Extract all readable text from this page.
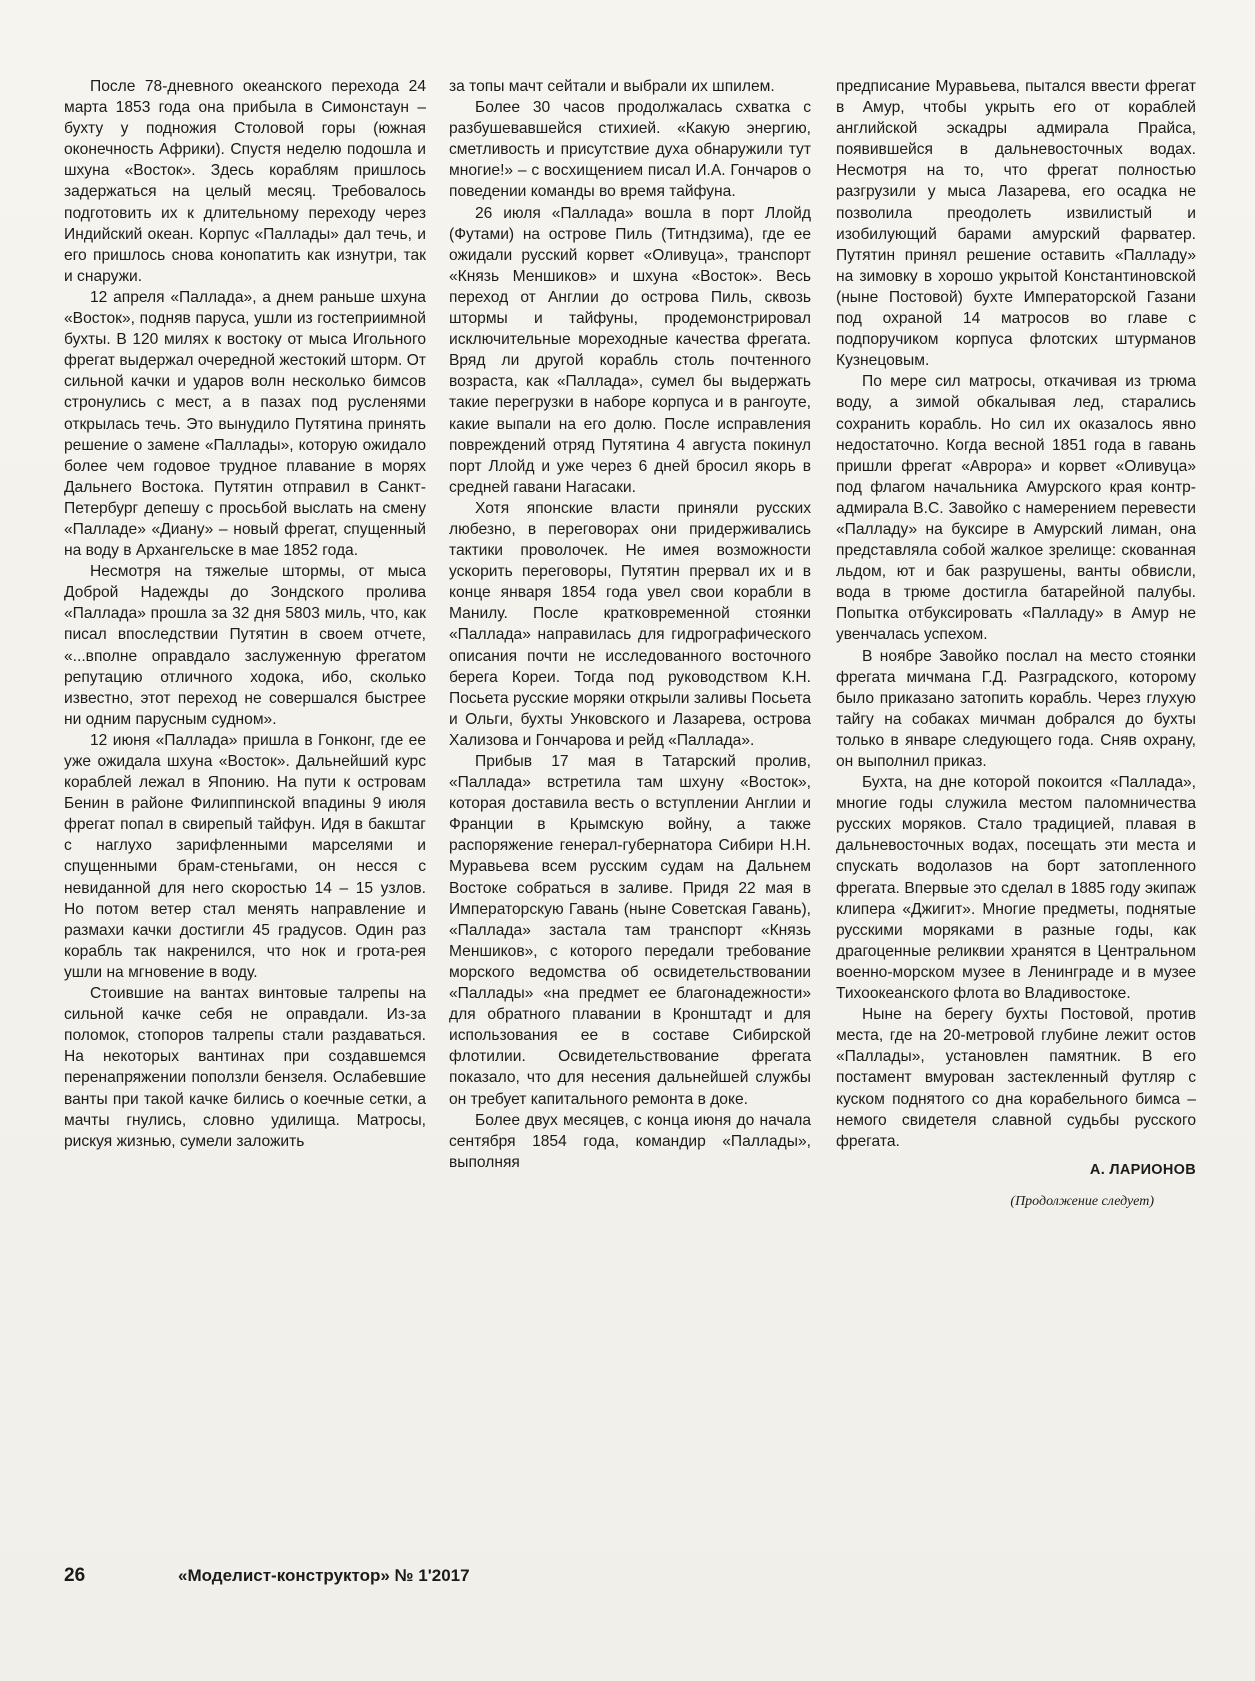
После 78-дневного океанского перехода 24 марта 1853 года она прибыла в Симонстаун – бухту у подножия Столовой горы (южная оконечность Африки). Спустя неделю подошла и шхуна «Восток». Здесь кораблям пришлось задержаться на целый месяц. Требовалось подготовить их к длительному переходу через Индийский океан. Корпус «Паллады» дал течь, и его пришлось снова конопатить как изнутри, так и снаружи.

12 апреля «Паллада», а днем раньше шхуна «Восток», подняв паруса, ушли из гостеприимной бухты. В 120 милях к востоку от мыса Игольного фрегат выдержал очередной жестокий шторм. От сильной качки и ударов волн несколько бимсов стронулись с мест, а в пазах под русленями открылась течь. Это вынудило Путятина принять решение о замене «Паллады», которую ожидало более чем годовое трудное плавание в морях Дальнего Востока. Путятин отправил в Санкт-Петербург депешу с просьбой выслать на смену «Палладе» «Диану» – новый фрегат, спущенный на воду в Архангельске в мае 1852 года.

Несмотря на тяжелые штормы, от мыса Доброй Надежды до Зондского пролива «Паллада» прошла за 32 дня 5803 миль, что, как писал впоследствии Путятин в своем отчете, «...вполне оправдало заслуженную фрегатом репутацию отличного ходока, ибо, сколько известно, этот переход не совершался быстрее ни одним парусным судном».

12 июня «Паллада» пришла в Гонконг, где ее уже ожидала шхуна «Восток». Дальнейший курс кораблей лежал в Японию. На пути к островам Бенин в районе Филиппинской впадины 9 июля фрегат попал в свирепый тайфун. Идя в бакштаг с наглухо зарифленными марселями и спущенными брам-стеньгами, он несся с невиданной для него скоростью 14 – 15 узлов. Но потом ветер стал менять направление и размахи качки достигли 45 градусов. Один раз корабль так накренился, что нок и грота-рея ушли на мгновение в воду.

Стоившие на вантах винтовые талрепы на сильной качке себя не оправдали. Из-за поломок, стопоров талрепы стали раздаваться. На некоторых вантинах при создавшемся перенапряжении поползли бензеля. Ослабевшие ванты при такой качке бились о коечные сетки, а мачты гнулись, словно удилища. Матросы, рискуя жизнью, сумели заложить

за топы мачт сейтали и выбрали их шпилем.

Более 30 часов продолжалась схватка с разбушевавшейся стихией. «Какую энергию, сметливость и присутствие духа обнаружили тут многие!» – с восхищением писал И.А. Гончаров о поведении команды во время тайфуна.

26 июля «Паллада» вошла в порт Ллойд (Футами) на острове Пиль (Титндзима), где ее ожидали русский корвет «Оливуца», транспорт «Князь Меншиков» и шхуна «Восток». Весь переход от Англии до острова Пиль, сквозь штормы и тайфуны, продемонстрировал исключительные мореходные качества фрегата. Вряд ли другой корабль столь почтенного возраста, как «Паллада», сумел бы выдержать такие перегрузки в наборе корпуса и в рангоуте, какие выпали на его долю. После исправления повреждений отряд Путятина 4 августа покинул порт Ллойд и уже через 6 дней бросил якорь в средней гавани Нагасаки.

Хотя японские власти приняли русских любезно, в переговорах они придерживались тактики проволочек. Не имея возможности ускорить переговоры, Путятин прервал их и в конце января 1854 года увел свои корабли в Манилу. После кратковременной стоянки «Паллада» направилась для гидрографического описания почти не исследованного восточного берега Кореи. Тогда под руководством К.Н. Посьета русские моряки открыли заливы Посьета и Ольги, бухты Унковского и Лазарева, острова Хализова и Гончарова и рейд «Паллада».

Прибыв 17 мая в Татарский пролив, «Паллада» встретила там шхуну «Восток», которая доставила весть о вступлении Англии и Франции в Крымскую войну, а также распоряжение генерал-губернатора Сибири Н.Н. Муравьева всем русским судам на Дальнем Востоке собраться в заливе. Придя 22 мая в Императорскую Гавань (ныне Советская Гавань), «Паллада» застала там транспорт «Князь Меншиков», с которого передали требование морского ведомства об освидетельствовании «Паллады» «на предмет ее благонадежности» для обратного плавании в Кронштадт и для использования ее в составе Сибирской флотилии. Освидетельствование фрегата показало, что для несения дальнейшей службы он требует капитального ремонта в доке.

Более двух месяцев, с конца июня до начала сентября 1854 года, командир «Паллады», выполняя

предписание Муравьева, пытался ввести фрегат в Амур, чтобы укрыть его от кораблей английской эскадры адмирала Прайса, появившейся в дальневосточных водах. Несмотря на то, что фрегат полностью разгрузили у мыса Лазарева, его осадка не позволила преодолеть извилистый и изобилующий барами амурский фарватер. Путятин принял решение оставить «Палладу» на зимовку в хорошо укрытой Константиновской (ныне Постовой) бухте Императорской Газани под охраной 14 матросов во главе с подпоручиком корпуса флотских штурманов Кузнецовым.

По мере сил матросы, откачивая из трюма воду, а зимой обкалывая лед, старались сохранить корабль. Но сил их оказалось явно недостаточно. Когда весной 1851 года в гавань пришли фрегат «Аврора» и корвет «Оливуца» под флагом начальника Амурского края контр-адмирала В.С. Завойко с намерением перевести «Палладу» на буксире в Амурский лиман, она представляла собой жалкое зрелище: скованная льдом, ют и бак разрушены, ванты обвисли, вода в трюме достигла батарейной палубы. Попытка отбуксировать «Палладу» в Амур не увенчалась успехом.

В ноябре Завойко послал на место стоянки фрегата мичмана Г.Д. Разградского, которому было приказано затопить корабль. Через глухую тайгу на собаках мичман добрался до бухты только в январе следующего года. Сняв охрану, он выполнил приказ.

Бухта, на дне которой покоится «Паллада», многие годы служила местом паломничества русских моряков. Стало традицией, плавая в дальневосточных водах, посещать эти места и спускать водолазов на борт затопленного фрегата. Впервые это сделал в 1885 году экипаж клипера «Джигит». Многие предметы, поднятые русскими моряками в разные годы, как драгоценные реликвии хранятся в Центральном военно-морском музее в Ленинграде и в музее Тихоокеанского флота во Владивостоке.

Ныне на берегу бухты Постовой, против места, где на 20-метровой глубине лежит остов «Паллады», установлен памятник. В его постамент вмурован застекленный футляр с куском поднятого со дна корабельного бимса – немого свидетеля славной судьбы русского фрегата.

А. ЛАРИОНОВ
(Продолжение следует)
26	«Моделист-конструктор» № 1'2017
